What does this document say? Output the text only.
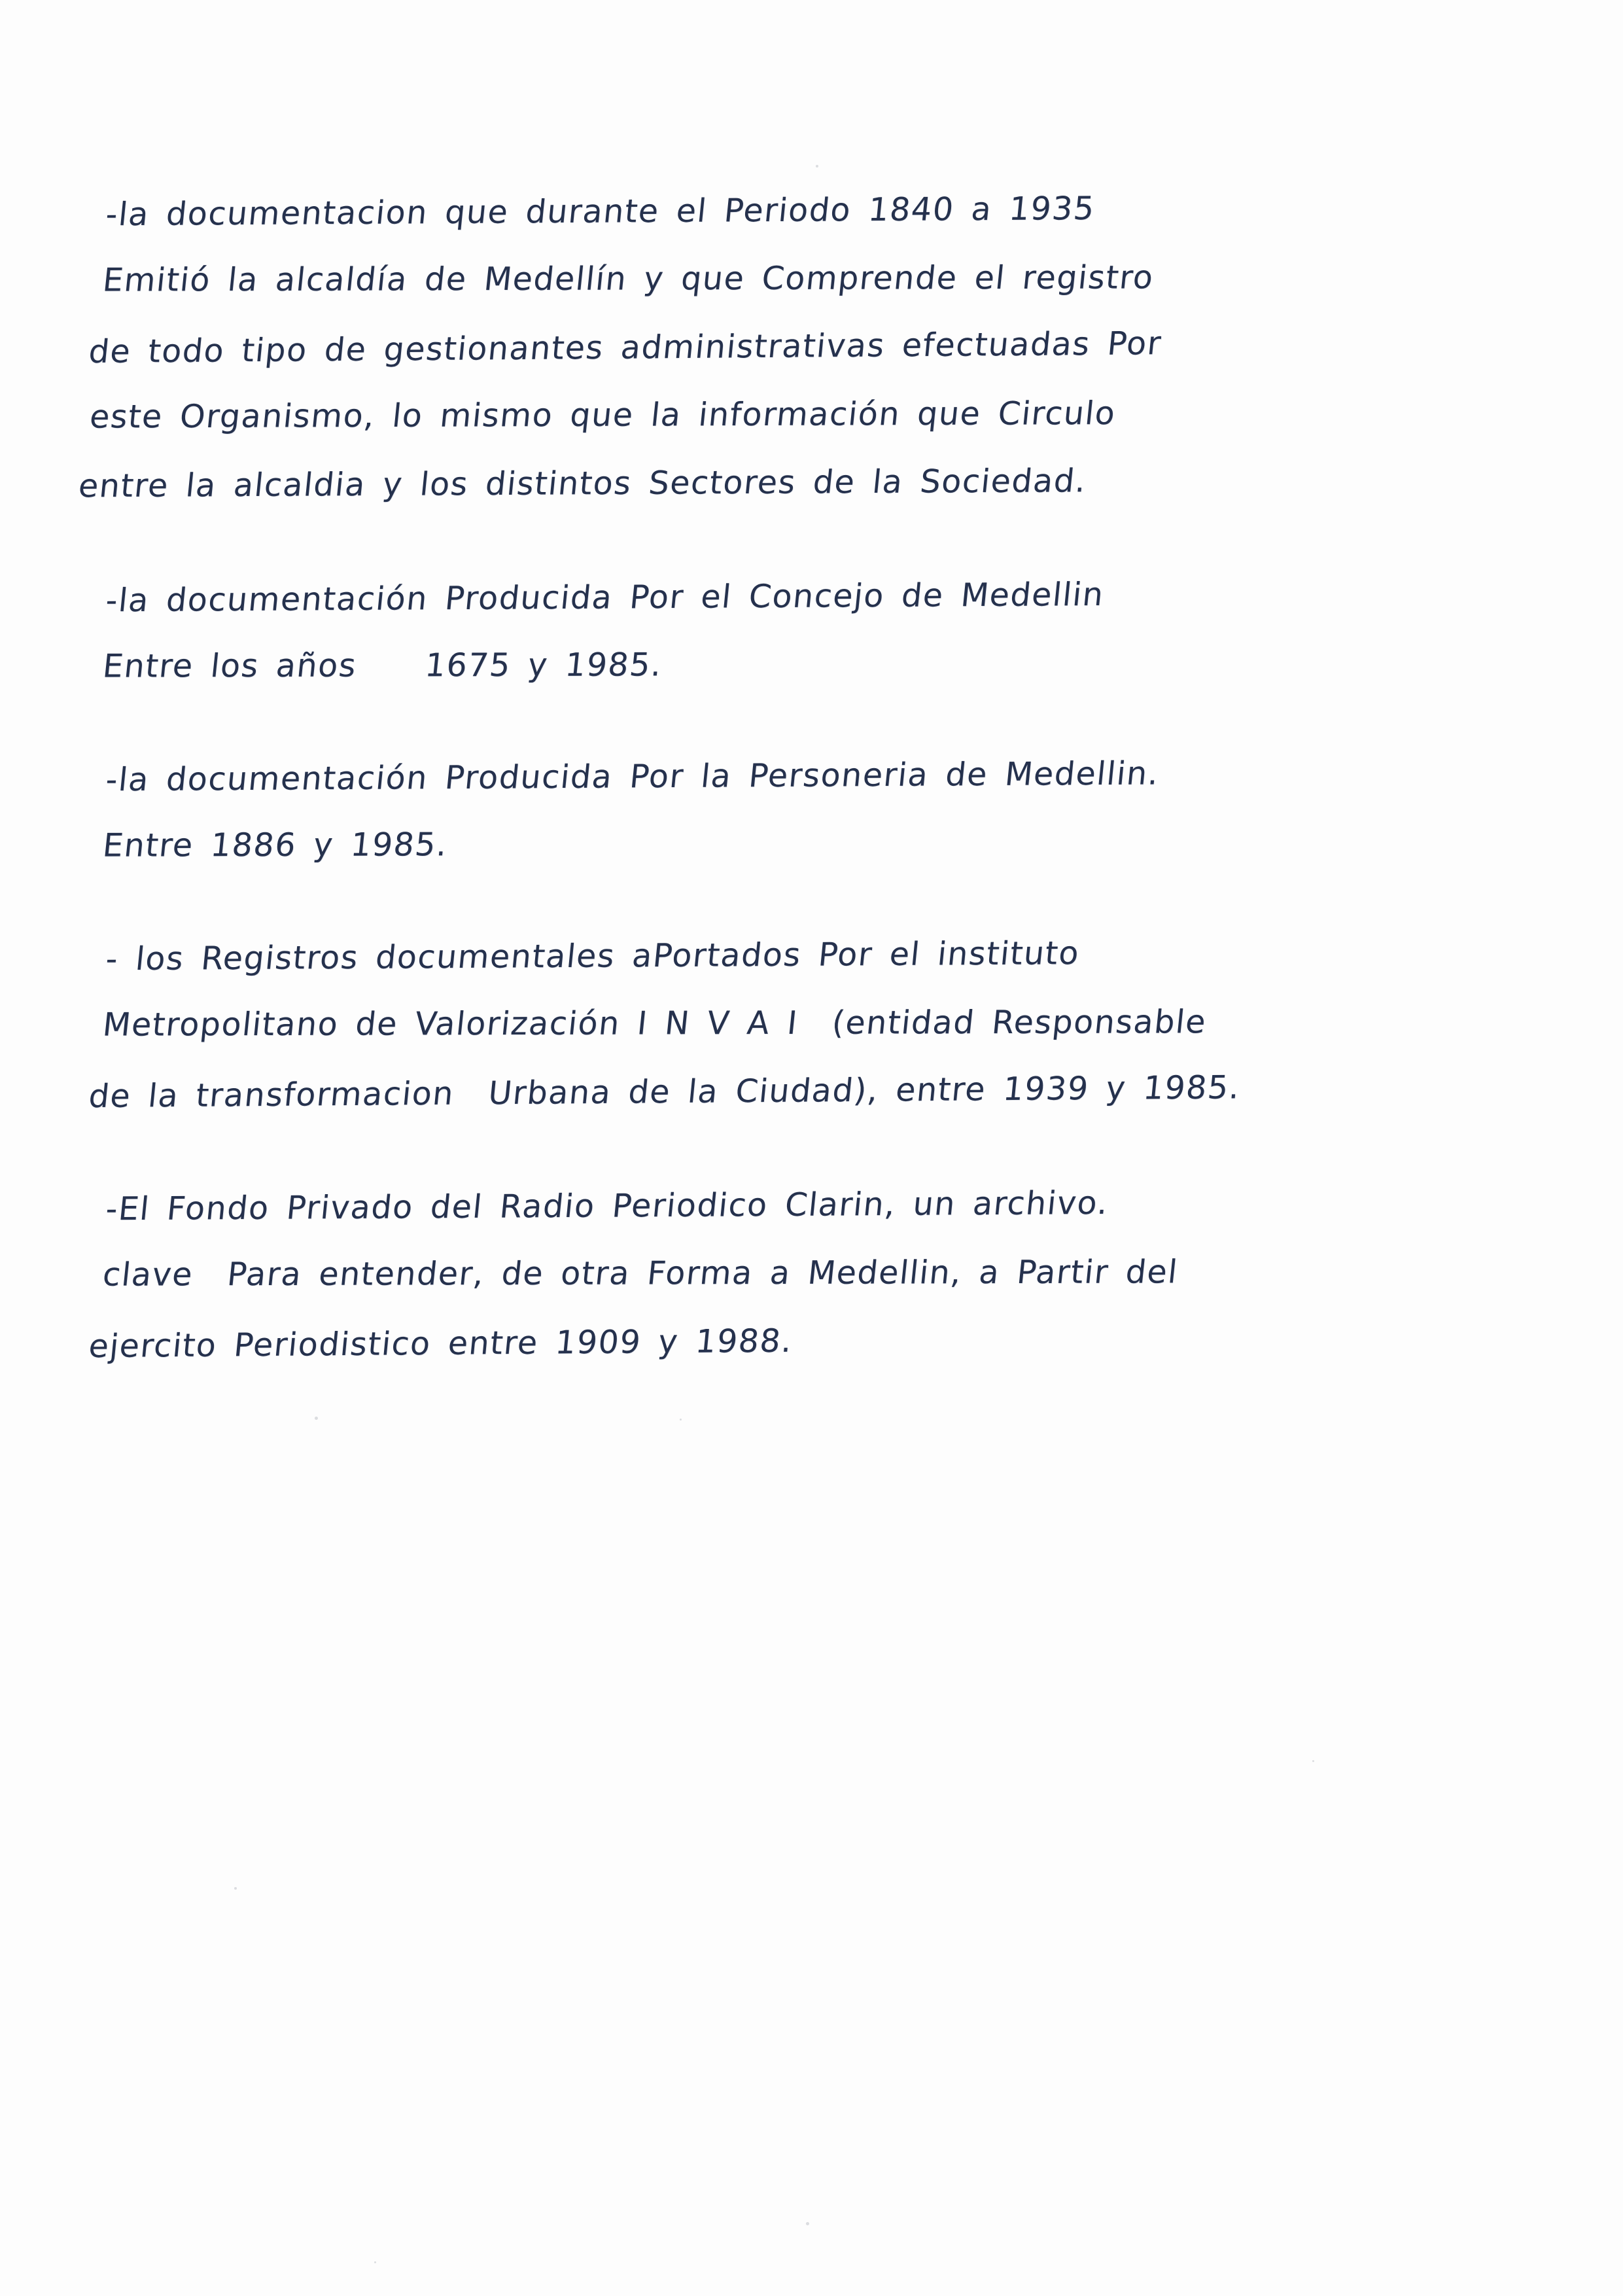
-la documentacion que durante el Periodo 1840 a 1935
Emitió la alcaldía de Medellín y que Comprende el registro
de todo tipo de gestionantes administrativas efectuadas Por
este Organismo, lo mismo que la información que Circulo
entre la alcaldia y los distintos Sectores de la Sociedad.

-la documentación Producida Por el Concejo de Medellin
Entre los años    1675 y 1985.

-la documentación Producida Por la Personeria de Medellin.
Entre 1886 y 1985.

- los Registros documentales aPortados Por el instituto
Metropolitano de Valorización I N V A I  (entidad Responsable
de la transformacion  Urbana de la Ciudad), entre 1939 y 1985.

-El Fondo Privado del Radio Periodico Clarin, un archivo.
clave  Para entender, de otra Forma a Medellin, a Partir del
ejercito Periodistico entre 1909 y 1988.
